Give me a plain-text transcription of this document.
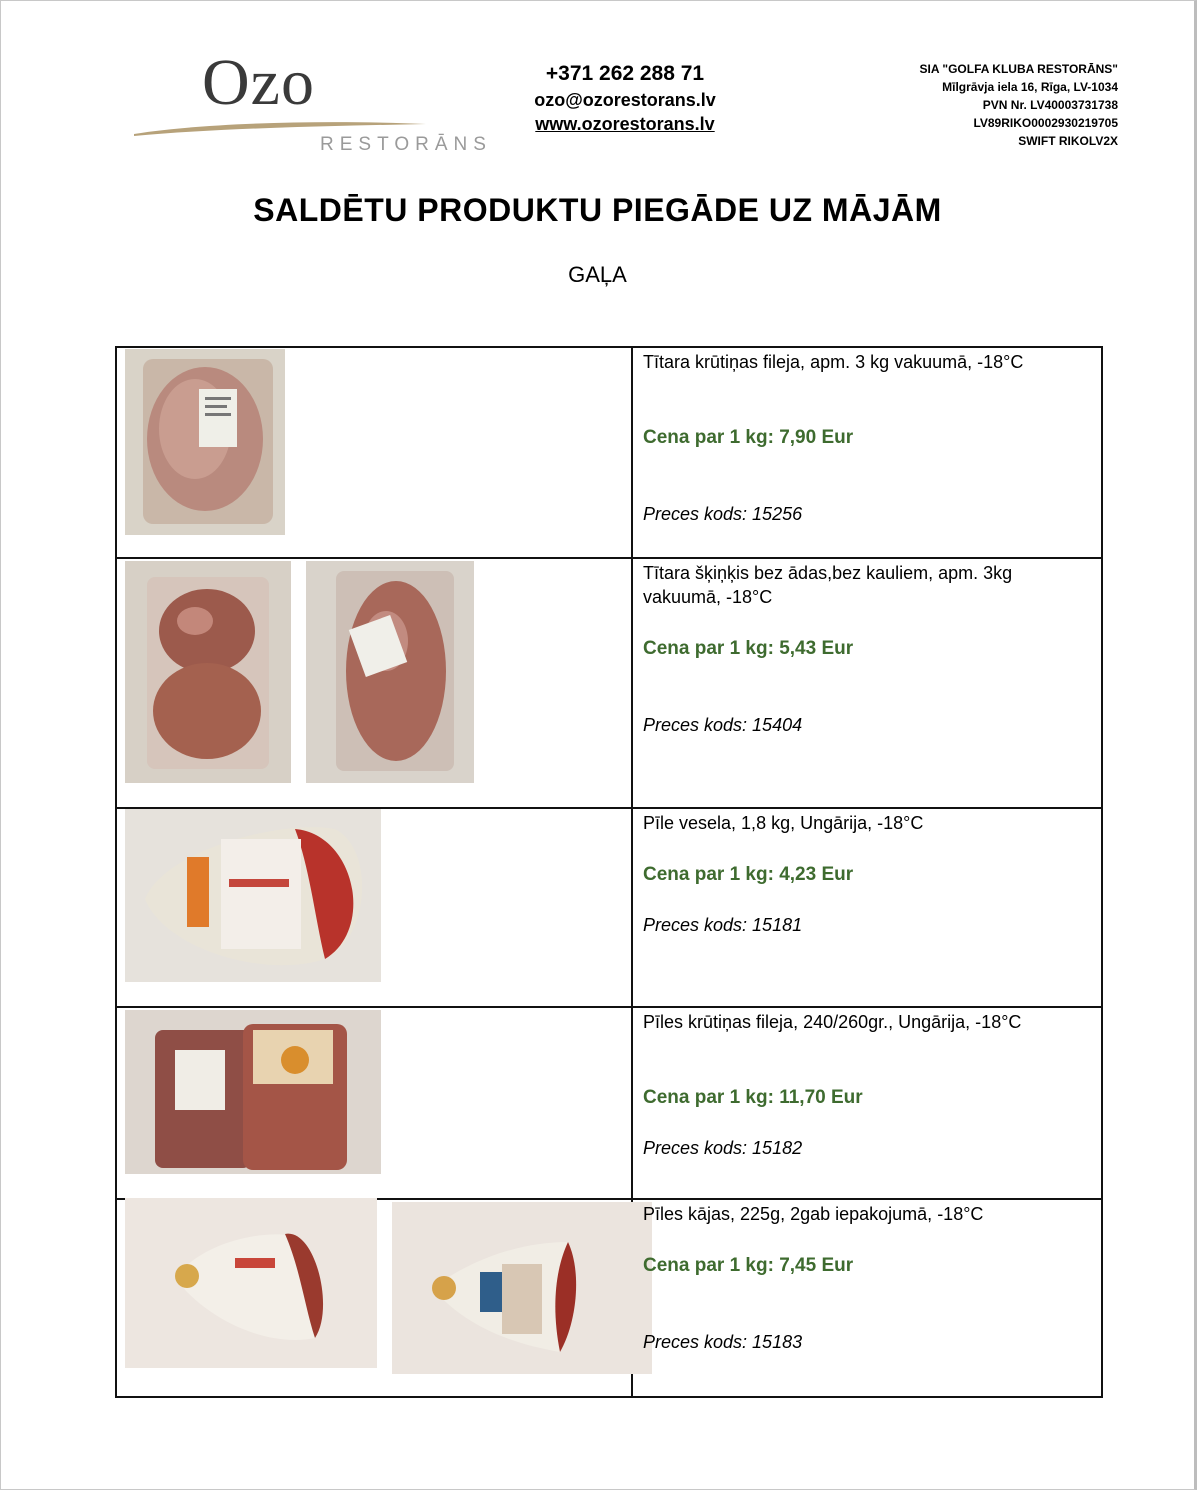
Ozo
RESTORĀNS
+371 262 288 71
ozo@ozorestorans.lv
www.ozorestorans.lv
SIA "GOLFA KLUBA RESTORĀNS"
Mīlgrāvja iela 16, Rīga, LV-1034
PVN Nr. LV40003731738
LV89RIKO0002930219705
SWIFT RIKOLV2X
SALDĒTU PRODUKTU PIEGĀDE UZ MĀJĀM
GAĻA
Tītara krūtiņas fileja, apm. 3 kg vakuumā, -18°C
Cena par 1 kg: 7,90 Eur
Preces kods: 15256
Tītara šķiņķis bez ādas,bez kauliem, apm. 3kg vakuumā, -18°C
Cena par 1 kg: 5,43 Eur
Preces kods: 15404
Pīle vesela, 1,8 kg, Ungārija, -18°C
Cena par 1 kg: 4,23 Eur
Preces kods: 15181
Pīles krūtiņas fileja, 240/260gr., Ungārija, -18°C
Cena par 1 kg: 11,70 Eur
Preces kods: 15182
Pīles kājas, 225g, 2gab iepakojumā, -18°C
Cena par 1 kg: 7,45 Eur
Preces kods: 15183
